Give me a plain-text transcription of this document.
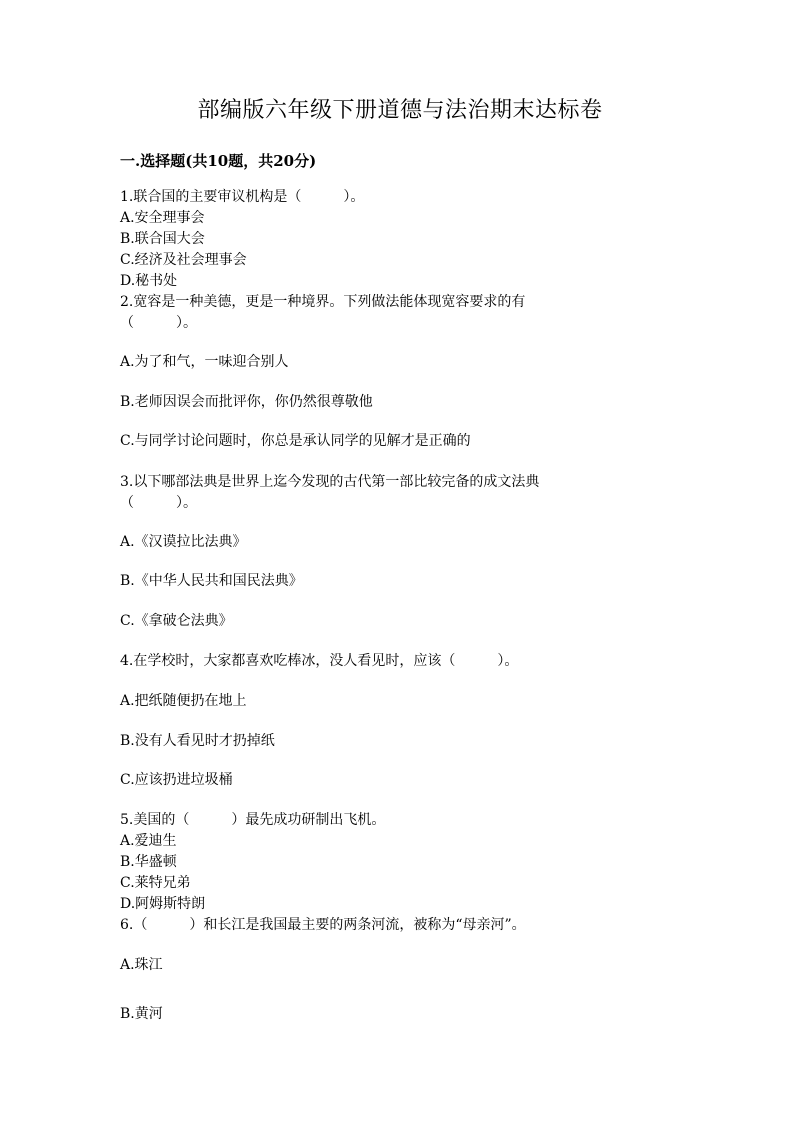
部编版六年级下册道德与法治期末达标卷
一.选择题(共10题，共20分)
1.联合国的主要审议机构是（　　　）。
A.安全理事会
B.联合国大会
C.经济及社会理事会
D.秘书处
2.宽容是一种美德，更是一种境界。下列做法能体现宽容要求的有
（　　　）。
A.为了和气，一味迎合别人
B.老师因误会而批评你，你仍然很尊敬他
C.与同学讨论问题时，你总是承认同学的见解才是正确的
3.以下哪部法典是世界上迄今发现的古代第一部比较完备的成文法典
（　　　）。
A.《汉谟拉比法典》
B.《中华人民共和国民法典》
C.《拿破仑法典》
4.在学校时，大家都喜欢吃棒冰，没人看见时，应该（　　　）。
A.把纸随便扔在地上
B.没有人看见时才扔掉纸
C.应该扔进垃圾桶
5.美国的（　　　）最先成功研制出飞机。
A.爱迪生
B.华盛顿
C.莱特兄弟
D.阿姆斯特朗
6.（　　　）和长江是我国最主要的两条河流，被称为“母亲河”。
A.珠江
B.黄河
